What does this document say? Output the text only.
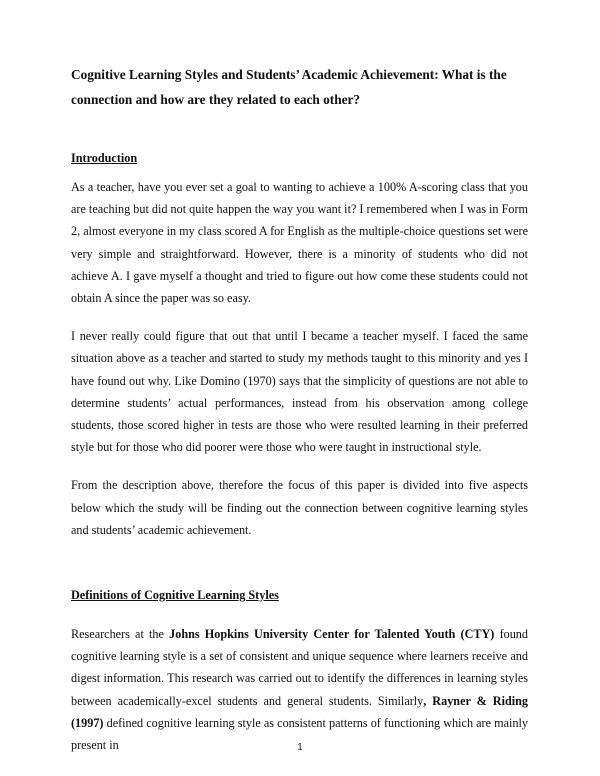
Cognitive Learning Styles and Students’ Academic Achievement: What is the connection and how are they related to each other?
Introduction

As a teacher, have you ever set a goal to wanting to achieve a 100% A-scoring class that you are teaching but did not quite happen the way you want it? I remembered when I was in Form 2, almost everyone in my class scored A for English as the multiple-choice questions set were very simple and straightforward. However, there is a minority of students who did not achieve A. I gave myself a thought and tried to figure out how come these students could not obtain A since the paper was so easy.

I never really could figure that out that until I became a teacher myself. I faced the same situation above as a teacher and started to study my methods taught to this minority and yes I have found out why. Like Domino (1970) says that the simplicity of questions are not able to determine students’ actual performances, instead from his observation among college students, those scored higher in tests are those who were resulted learning in their preferred style but for those who did poorer were those who were taught in instructional style.

From the description above, therefore the focus of this paper is divided into five aspects below which the study will be finding out the connection between cognitive learning styles and students’ academic achievement.

Definitions of Cognitive Learning Styles

Researchers at the Johns Hopkins University Center for Talented Youth (CTY) found cognitive learning style is a set of consistent and unique sequence where learners receive and digest information. This research was carried out to identify the differences in learning styles between academically-excel students and general students. Similarly, Rayner & Riding (1997) defined cognitive learning style as consistent patterns of functioning which are mainly present in	1
